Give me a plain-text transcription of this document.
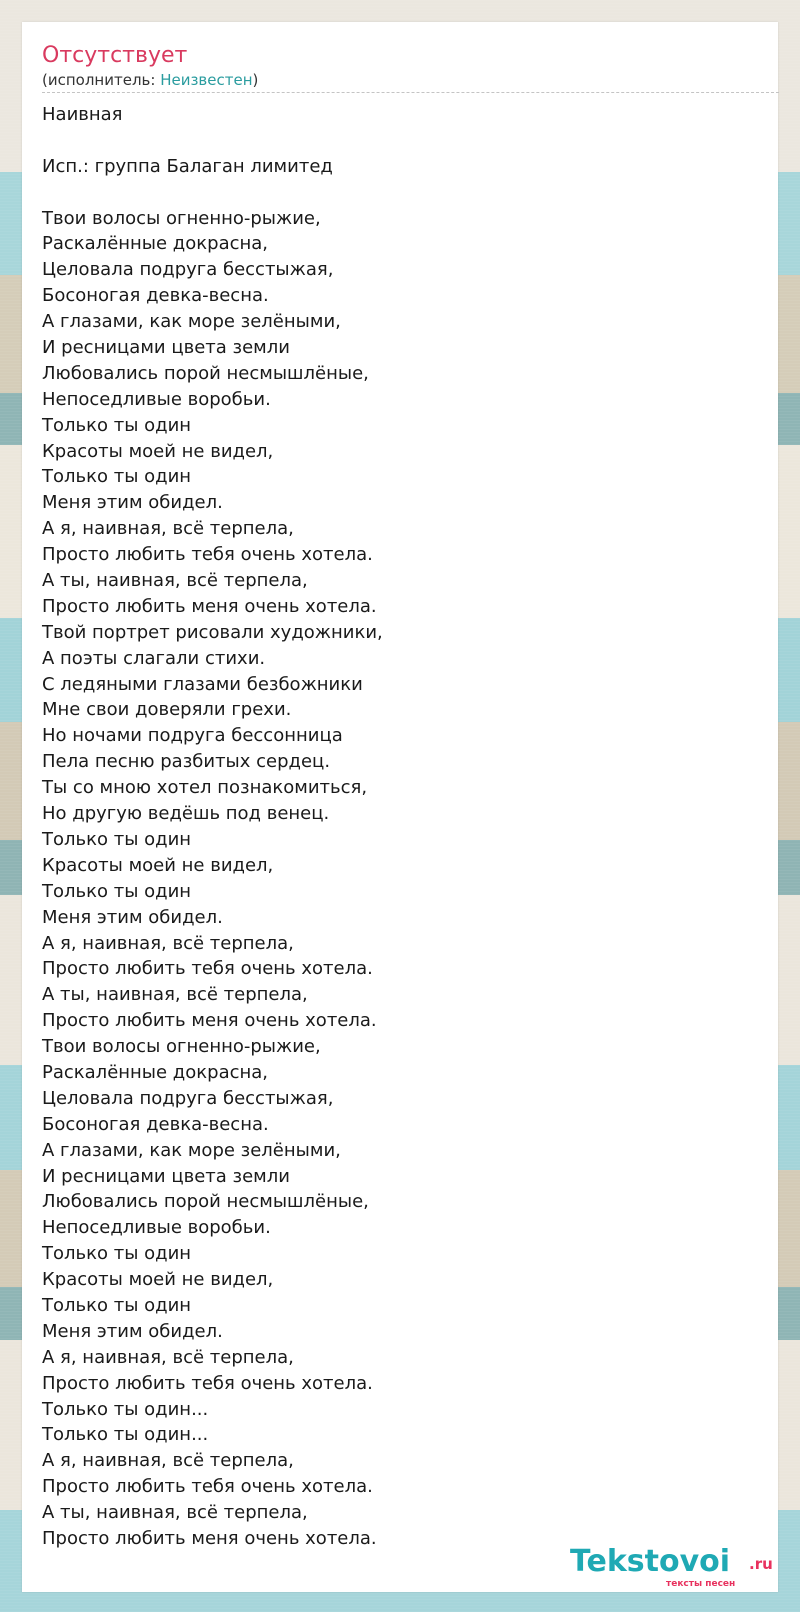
Отсутствует
(исполнитель: Неизвестен)
Наивная
Исп.: группа Балаган лимитед
Твои волосы огненно-рыжие,
Раскалённые докрасна,
Целовала подруга бесстыжая,
Босоногая девка-весна.
А глазами, как море зелёными,
И ресницами цвета земли
Любовались порой несмышлёные,
Непоседливые воробьи.
Только ты один
Красоты моей не видел,
Только ты один
Меня этим обидел.
А я, наивная, всё терпела,
Просто любить тебя очень хотела.
А ты, наивная, всё терпела,
Просто любить меня очень хотела.
Твой портрет рисовали художники,
А поэты слагали стихи.
С ледяными глазами безбожники
Мне свои доверяли грехи.
Но ночами подруга бессонница
Пела песню разбитых сердец.
Ты со мною хотел познакомиться,
Но другую ведёшь под венец.
Только ты один
Красоты моей не видел,
Только ты один
Меня этим обидел.
А я, наивная, всё терпела,
Просто любить тебя очень хотела.
А ты, наивная, всё терпела,
Просто любить меня очень хотела.
Твои волосы огненно-рыжие,
Раскалённые докрасна,
Целовала подруга бесстыжая,
Босоногая девка-весна.
А глазами, как море зелёными,
И ресницами цвета земли
Любовались порой несмышлёные,
Непоседливые воробьи.
Только ты один
Красоты моей не видел,
Только ты один
Меня этим обидел.
А я, наивная, всё терпела,
Просто любить тебя очень хотела.
Только ты один...
Только ты один...
А я, наивная, всё терпела,
Просто любить тебя очень хотела.
А ты, наивная, всё терпела,
Просто любить меня очень хотела.
Tekstovoi .ru
тексты песен
